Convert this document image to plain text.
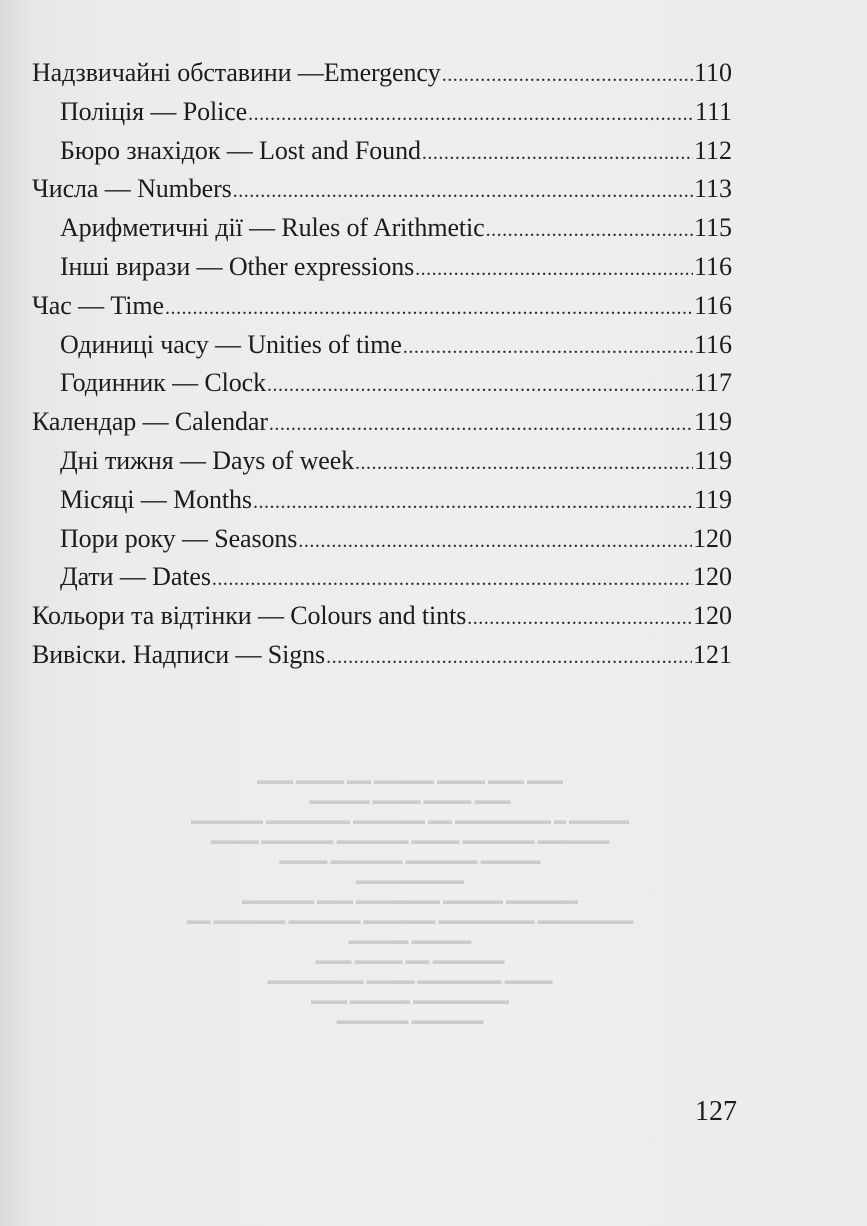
Надзвичайні обставини —Emergency .....	110
Поліція — Police .....	111
Бюро знахідок — Lost and Found .....	112
Числа — Numbers .....	113
Арифметичні дії — Rules of Arithmetic .....	115
Інші вирази — Other expressions .....	116
Час — Time .....	116
Одиниці часу — Unities of time .....	116
Годинник — Clock .....	117
Календар — Calendar .....	119
Дні тижня — Days of week .....	119
Місяці — Months .....	119
Пори року — Seasons .....	120
Дати — Dates .....	120
Кольори та відтінки — Colours and tints .....	120
Вивіски. Надписи — Signs .....	121
▬▬▬ ▬▬▬▬ ▬▬ ▬▬▬▬▬ ▬▬▬▬ ▬▬▬ ▬▬▬
▬▬▬▬▬ ▬▬▬▬ ▬▬▬▬ ▬▬▬
▬▬▬▬▬▬ ▬▬▬▬▬▬▬ ▬▬▬▬▬▬ ▬▬ ▬▬▬▬▬▬▬▬ ▬ ▬▬▬▬▬
▬▬▬▬ ▬▬▬▬▬▬ ▬▬▬▬▬▬ ▬▬▬▬ ▬▬▬▬▬▬ ▬▬▬▬▬▬
▬▬▬▬ ▬▬▬▬▬▬ ▬▬▬▬▬▬ ▬▬▬▬▬
▬▬▬▬▬▬▬▬▬
▬▬▬▬▬▬ ▬▬▬ ▬▬▬▬▬▬▬ ▬▬▬▬▬ ▬▬▬▬▬▬
▬▬ ▬▬▬▬▬▬ ▬▬▬▬▬▬ ▬▬▬▬▬▬ ▬▬▬▬▬▬▬▬ ▬▬▬▬▬▬▬▬
▬▬▬▬▬ ▬▬▬▬▬
▬▬▬ ▬▬▬▬ ▬▬ ▬▬▬▬▬▬
▬▬▬▬▬▬▬▬ ▬▬▬▬ ▬▬▬▬▬▬▬ ▬▬▬▬
▬▬▬ ▬▬▬▬▬ ▬▬▬▬▬▬▬▬
▬▬▬▬▬▬ ▬▬▬▬▬▬
127
